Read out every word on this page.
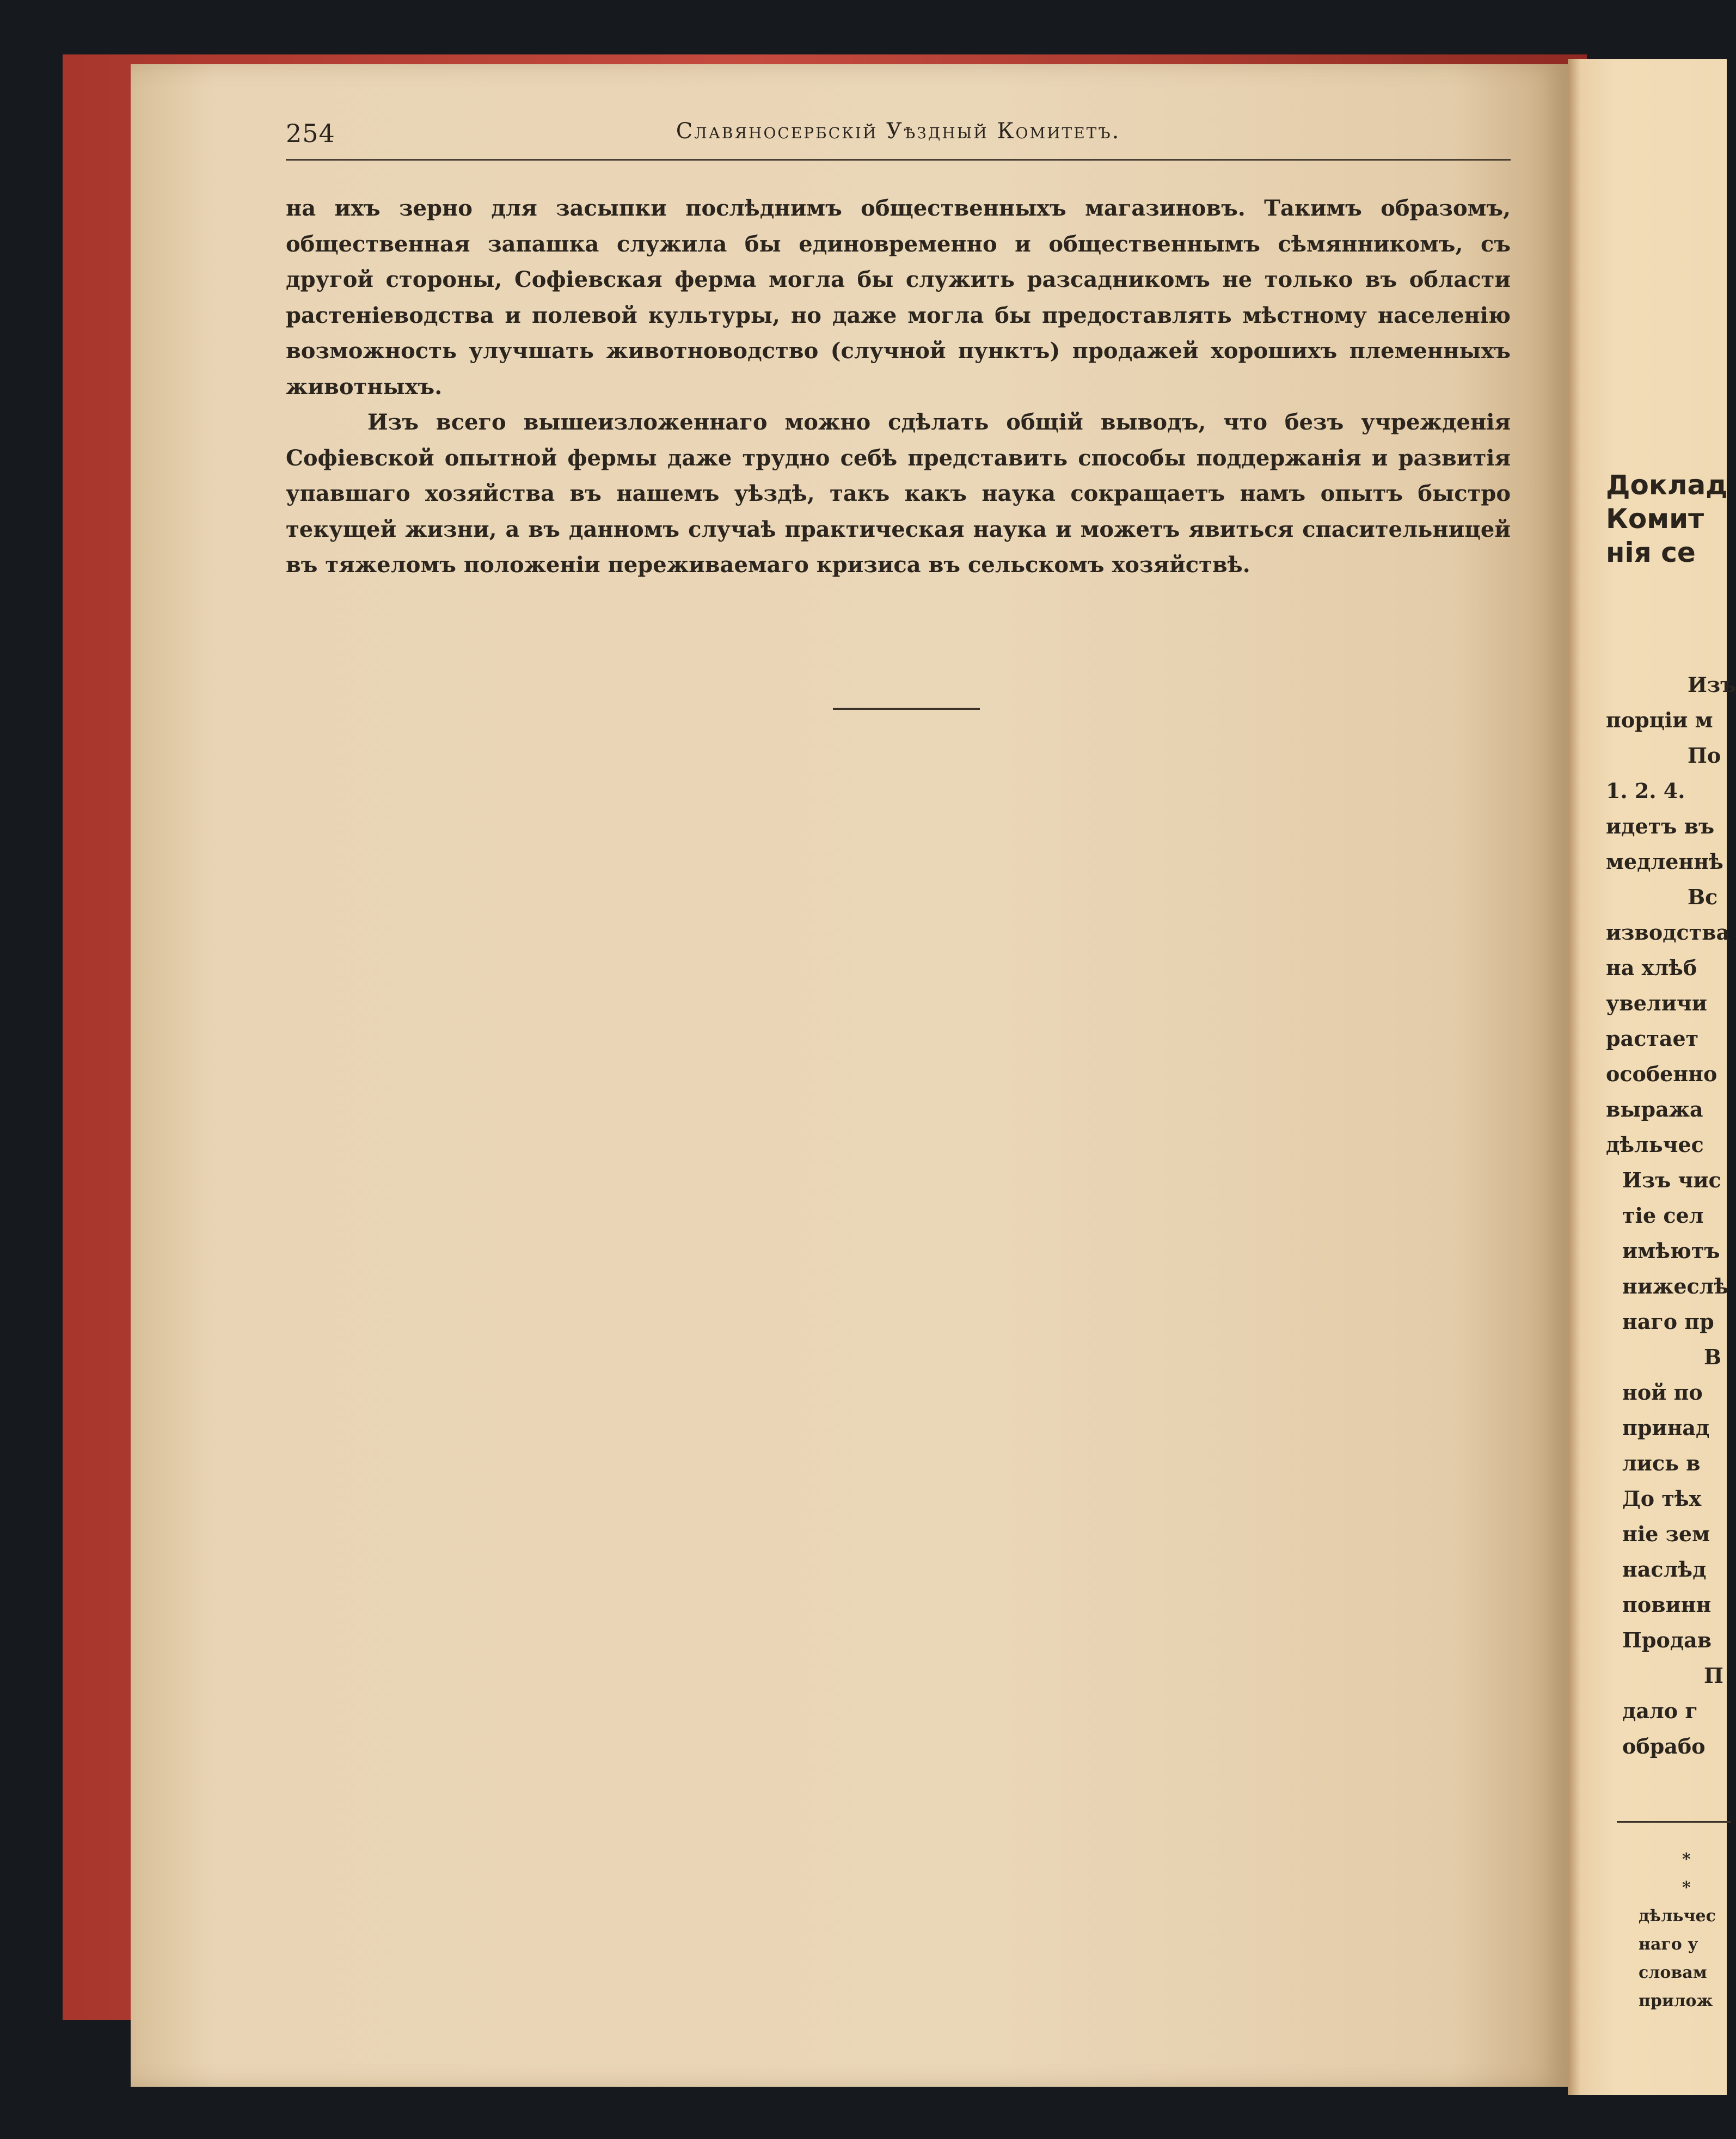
254	Славяносербскій Уѣздный Комитетъ.

на ихъ зерно для засыпки послѣднимъ общественныхъ магазиновъ. Такимъ образомъ, общественная запашка служила бы единовременно и общественнымъ сѣмянникомъ, съ другой стороны, Софіевская ферма могла бы служить разсадникомъ не только въ области растеніеводства и полевой культуры, но даже могла бы предоставлять мѣстному населенію возможность улучшать животноводство (случной пунктъ) продажей хорошихъ племенныхъ животныхъ.

Изъ всего вышеизложеннаго можно сдѣлать общій выводъ, что безъ учрежденія Софіевской опытной фермы даже трудно себѣ представить способы поддержанія и развитія упавшаго хозяйства въ нашемъ уѣздѣ, такъ какъ наука сокращаетъ намъ опытъ быстро текущей жизни, а въ данномъ случаѣ практическая наука и можетъ явиться спасительницей въ тяжеломъ положеніи переживаемаго кризиса въ сельскомъ хозяйствѣ.

Доклад
Комит
нія се
Изъ
порціи м
По
1. 2. 4.
идетъ въ
медленнѣ
Вс
изводства
на хлѣб
увеличи
растает
особенно
выража
дѣльчес
Изъ чис
тіе сел
имѣютъ
нижеслѣ
наго пр
В
ной по
принад
лись в
До тѣх
ніе зем
наслѣд
повинн
Продав
П
дало г
обрабо
*
*
дѣльчес
наго у
словам
прилож
